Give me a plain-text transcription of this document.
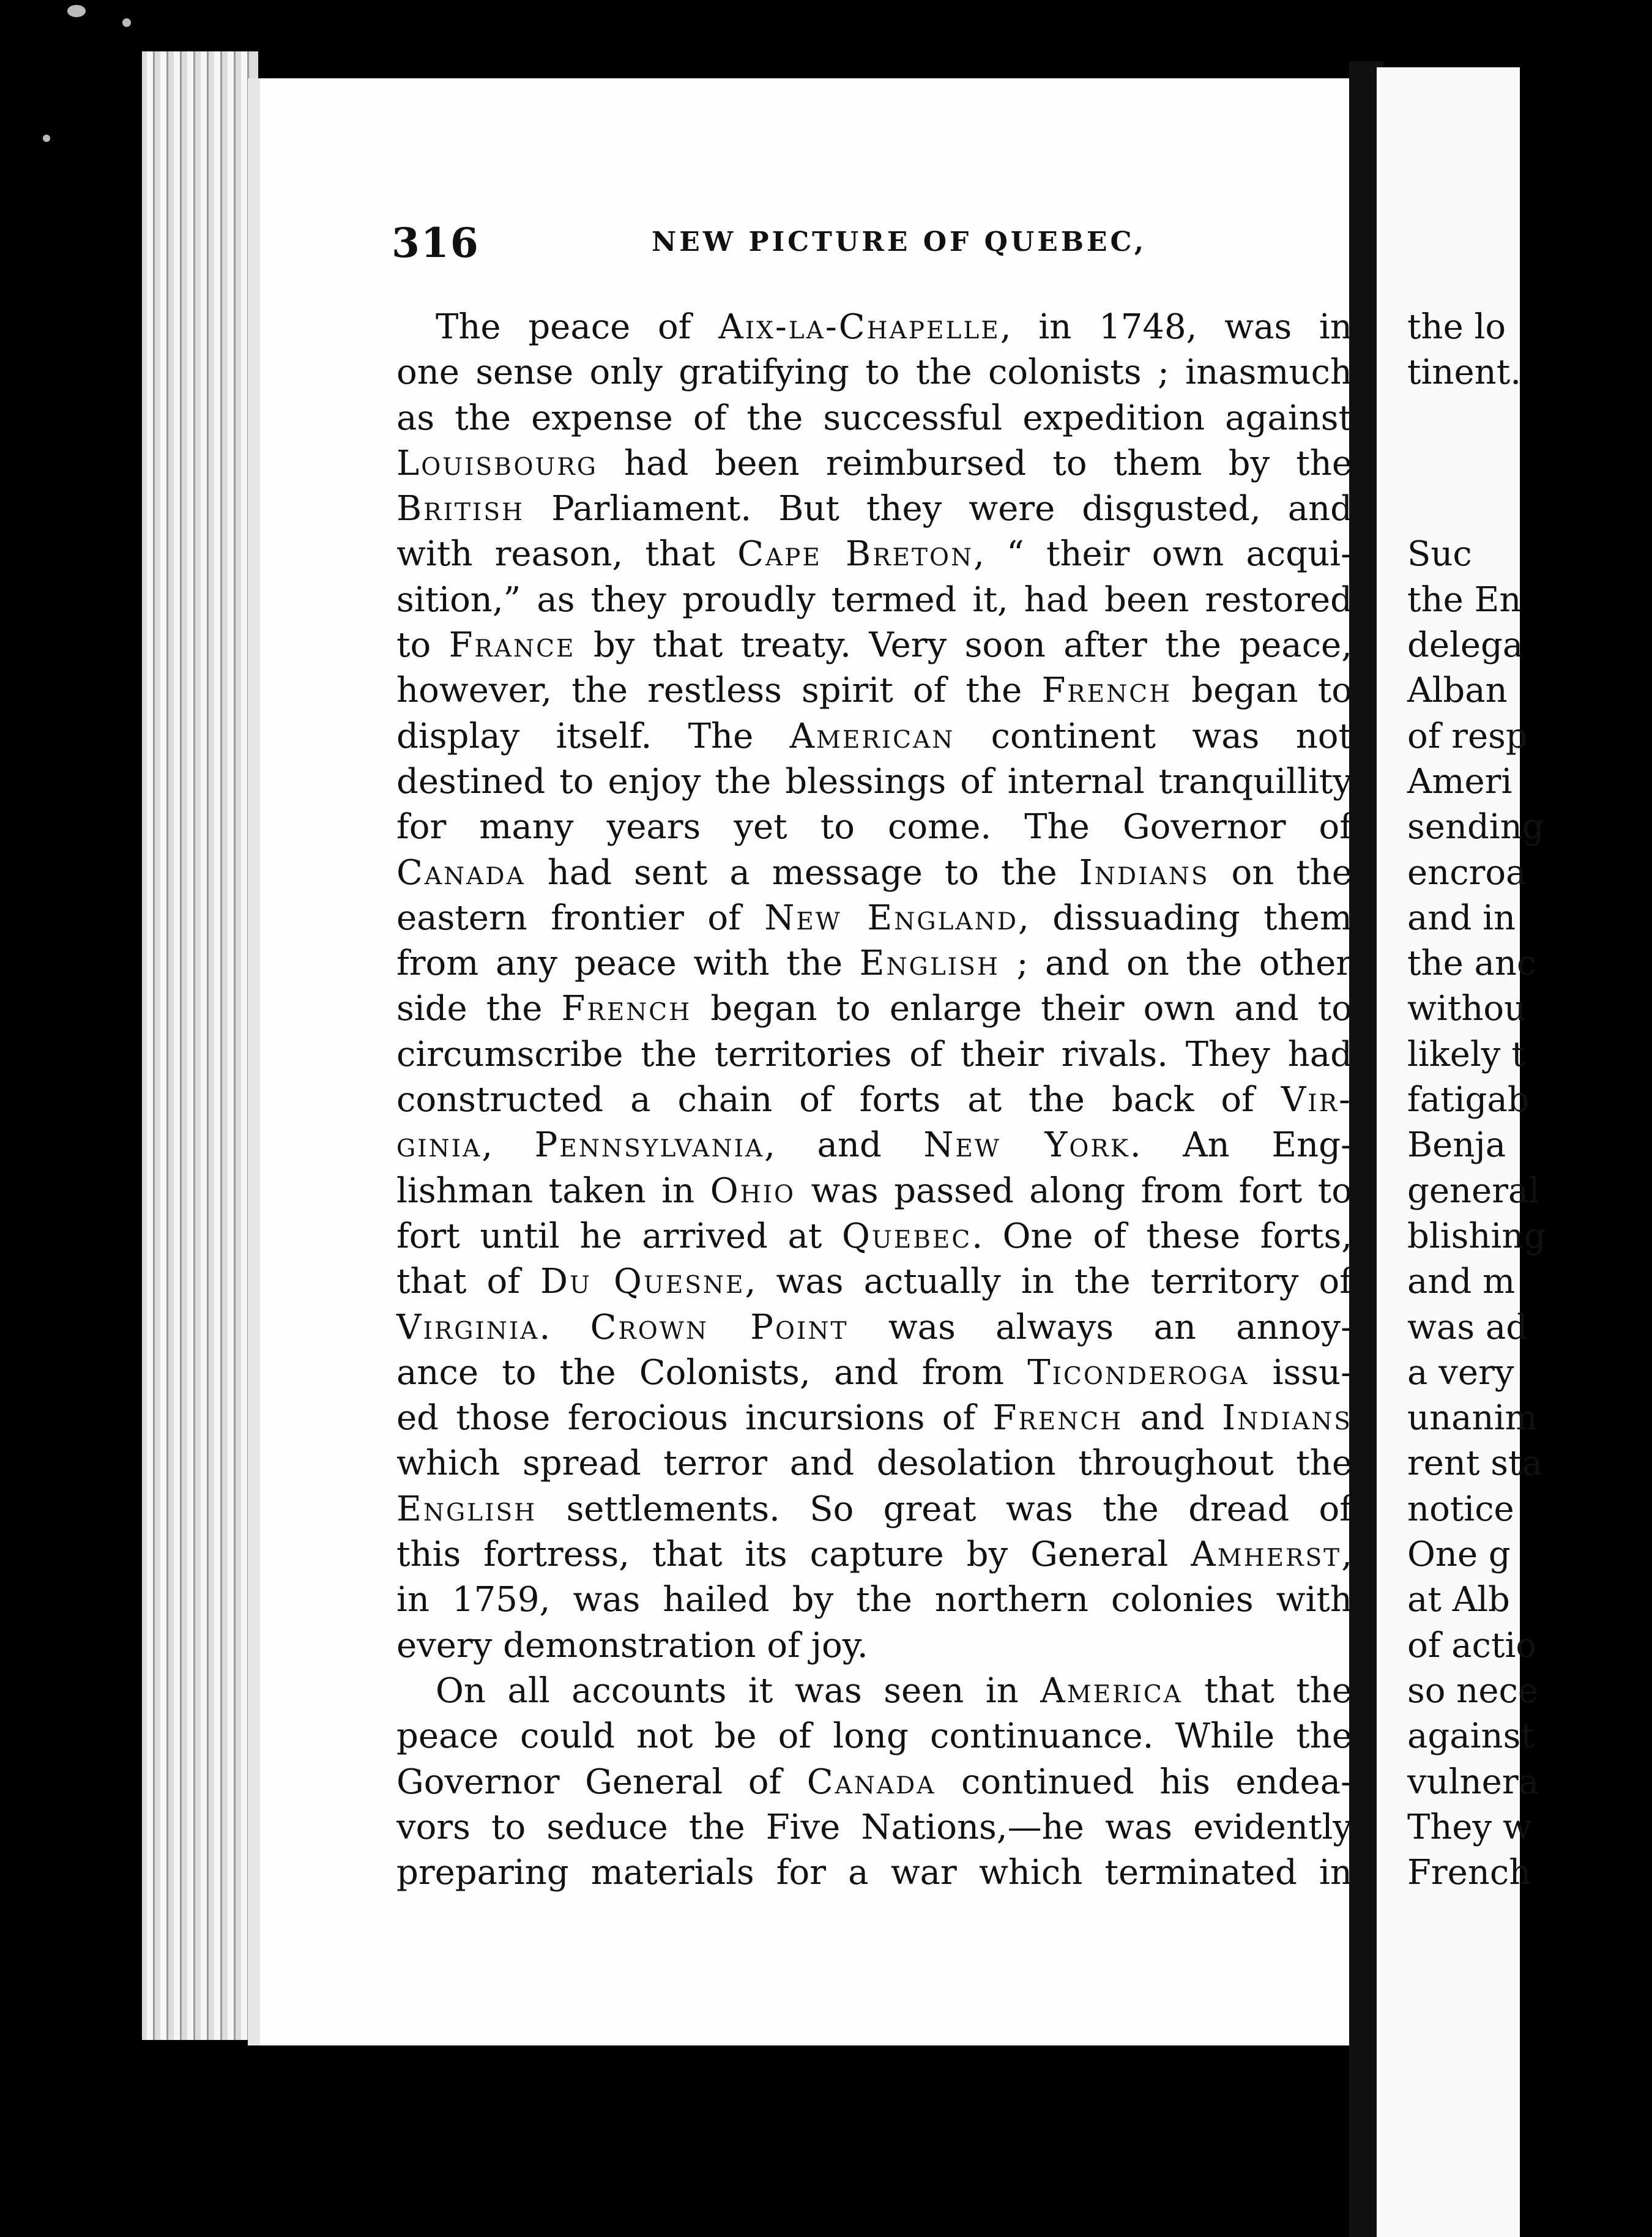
the lo
tinent.
Suc
the En
delega
Alban
of resp
Ameri
sending
encroa
and in
the anc
withou
likely t
fatigab
Benja
general
blishing
and m
was ad
a very
unanim
rent sta
notice
One g
at Alb
of actio
so nece
against
vulnera
They w
French
316	NEW PICTURE OF QUEBEC,

The peace of Aix-la-Chapelle, in 1748, was in
one sense only gratifying to the colonists ; inasmuch
as the expense of the successful expedition against
Louisbourg had been reimbursed to them by the
British Parliament. But they were disgusted, and
with reason, that Cape Breton, “ their own acqui-
sition,” as they proudly termed it, had been restored
to France by that treaty. Very soon after the peace,
however, the restless spirit of the French began to
display itself. The American continent was not
destined to enjoy the blessings of internal tranquillity
for many years yet to come. The Governor of
Canada had sent a message to the Indians on the
eastern frontier of New England, dissuading them
from any peace with the English ; and on the other
side the French began to enlarge their own and to
circumscribe the territories of their rivals. They had
constructed a chain of forts at the back of Vir-
ginia, Pennsylvania, and New York. An Eng-
lishman taken in Ohio was passed along from fort to
fort until he arrived at Quebec. One of these forts,
that of Du Quesne, was actually in the territory of
Virginia. Crown Point was always an annoy-
ance to the Colonists, and from Ticonderoga issu-
ed those ferocious incursions of French and Indians
which spread terror and desolation throughout the
English settlements. So great was the dread of
this fortress, that its capture by General Amherst,
in 1759, was hailed by the northern colonies with
every demonstration of joy.

On all accounts it was seen in America that the
peace could not be of long continuance. While the
Governor General of Canada continued his endea-
vors to seduce the Five Nations,—he was evidently
preparing materials for a war which terminated in
